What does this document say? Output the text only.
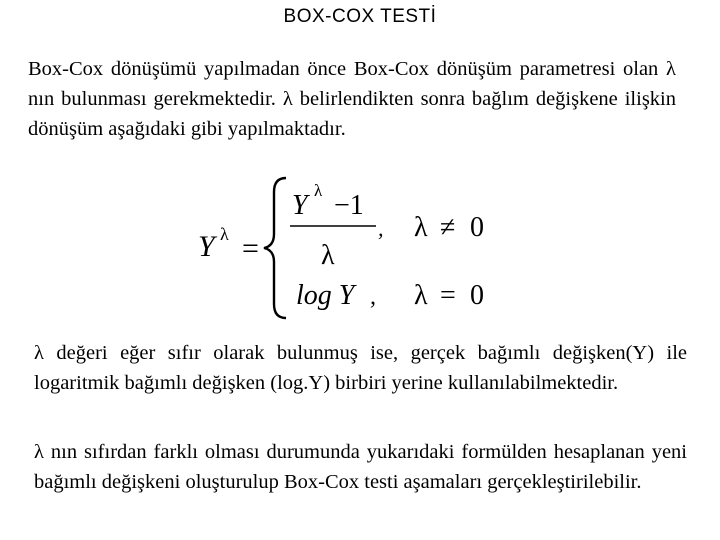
BOX-COX TESTİ

Box-Cox dönüşümü yapılmadan önce Box-Cox dönüşüm parametresi olan λ nın bulunması gerekmektedir. λ belirlendikten sonra bağlım değişkene ilişkin dönüşüm aşağıdaki gibi yapılmaktadır.

Y λ =
Y λ −1
λ
, λ ≠ 0
log Y , λ = 0

λ değeri eğer sıfır olarak bulunmuş ise, gerçek bağımlı değişken(Y) ile logaritmik bağımlı değişken (log.Y) birbiri yerine kullanılabilmektedir.

λ nın sıfırdan farklı olması durumunda yukarıdaki formülden hesaplanan yeni bağımlı değişkeni oluşturulup Box-Cox testi aşamaları gerçekleştirilebilir.
